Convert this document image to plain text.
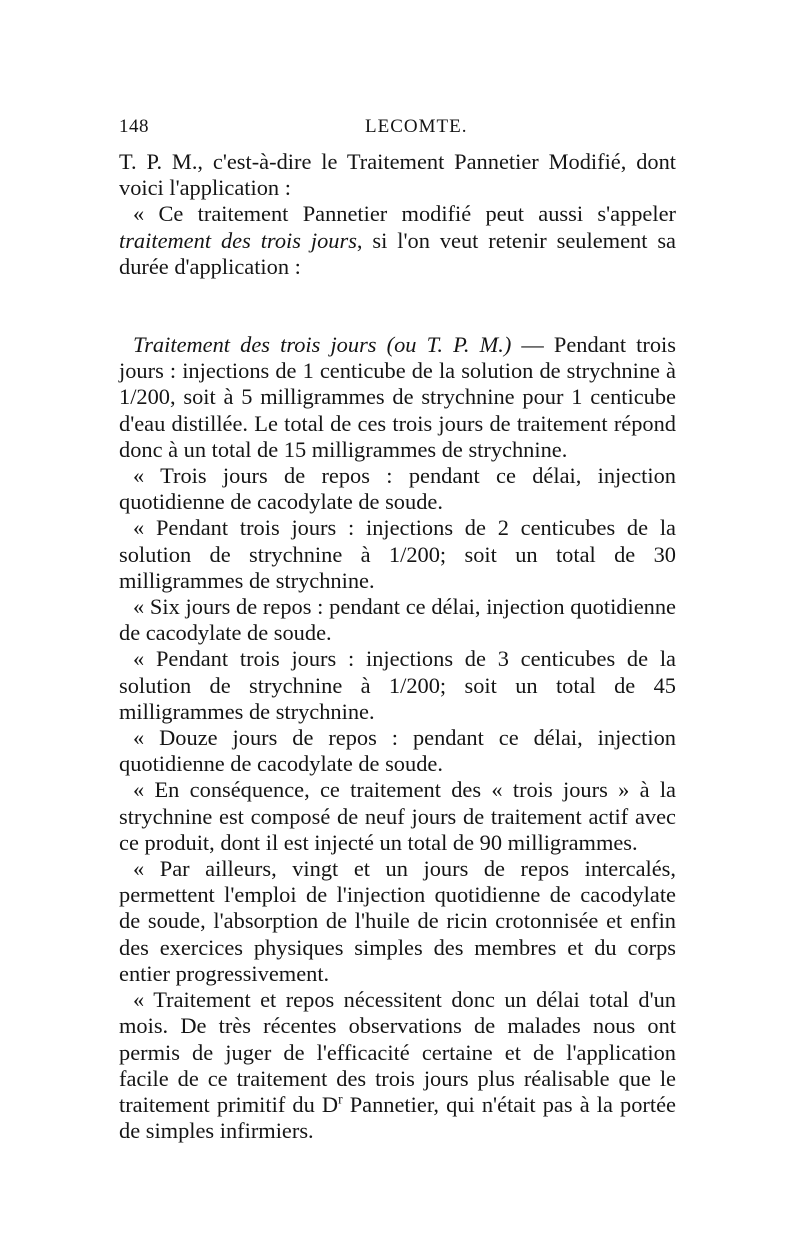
148	LECOMTE.

T. P. M., c'est-à-dire le Traitement Pannetier Modifié, dont voici l'application :

« Ce traitement Pannetier modifié peut aussi s'appeler traitement des trois jours, si l'on veut retenir seulement sa durée d'application :

Traitement des trois jours (ou T. P. M.) — Pendant trois jours : injections de 1 centicube de la solution de strychnine à 1/200, soit à 5 milligrammes de strychnine pour 1 centicube d'eau distillée. Le total de ces trois jours de traitement répond donc à un total de 15 milligrammes de strychnine.

« Trois jours de repos : pendant ce délai, injection quotidienne de cacodylate de soude.

« Pendant trois jours : injections de 2 centicubes de la solution de strychnine à 1/200; soit un total de 30 milligrammes de strychnine.

« Six jours de repos : pendant ce délai, injection quotidienne de cacodylate de soude.

« Pendant trois jours : injections de 3 centicubes de la solution de strychnine à 1/200; soit un total de 45 milligrammes de strychnine.

« Douze jours de repos : pendant ce délai, injection quotidienne de cacodylate de soude.

« En conséquence, ce traitement des « trois jours » à la strychnine est composé de neuf jours de traitement actif avec ce produit, dont il est injecté un total de 90 milligrammes.

« Par ailleurs, vingt et un jours de repos intercalés, permettent l'emploi de l'injection quotidienne de cacodylate de soude, l'absorption de l'huile de ricin crotonnisée et enfin des exercices physiques simples des membres et du corps entier progressivement.

« Traitement et repos nécessitent donc un délai total d'un mois. De très récentes observations de malades nous ont permis de juger de l'efficacité certaine et de l'application facile de ce traitement des trois jours plus réalisable que le traitement primitif du $D^r$ Pannetier, qui n'était pas à la portée de simples infirmiers.
